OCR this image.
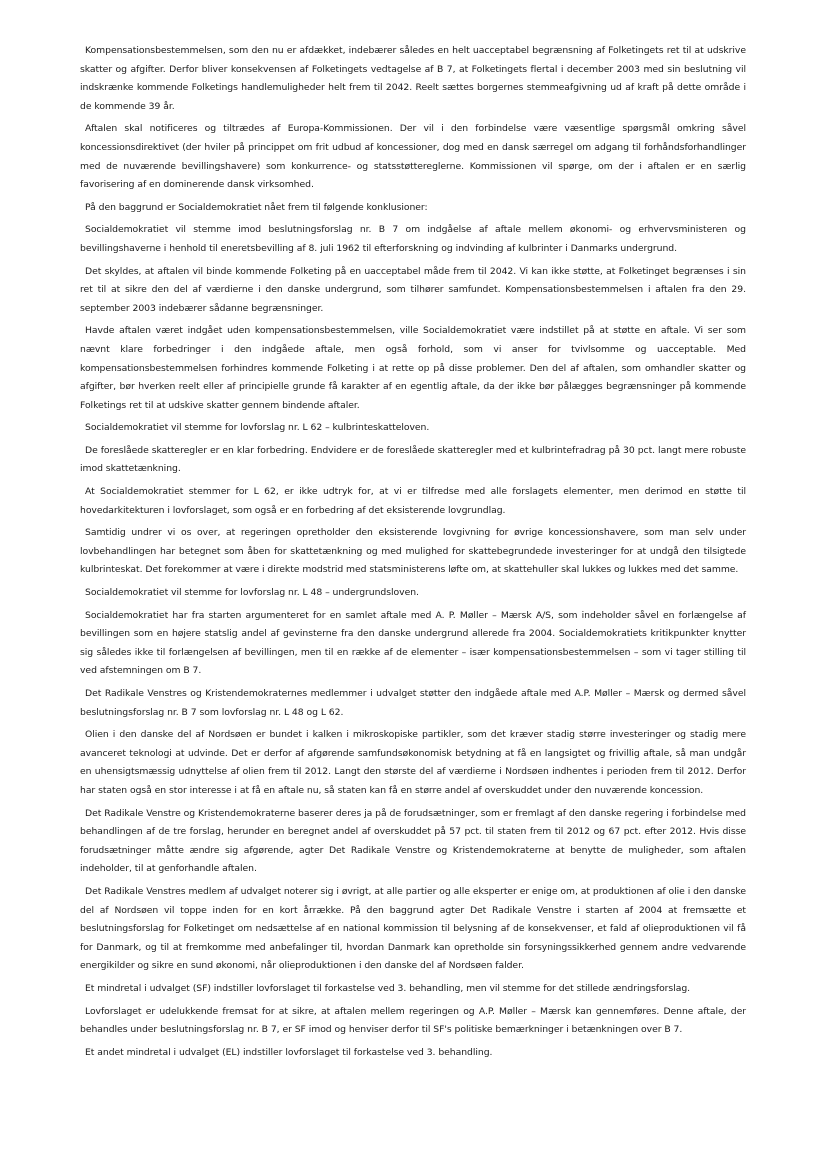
Kompensationsbestemmelsen, som den nu er afdækket, indebærer således en helt uacceptabel begrænsning af Folketingets ret til at udskrive skatter og afgifter. Derfor bliver konsekvensen af Folketingets vedtagelse af B 7, at Folketingets flertal i december 2003 med sin beslutning vil indskrænke kommende Folketings handlemuligheder helt frem til 2042. Reelt sættes borgernes stemmeafgivning ud af kraft på dette område i de kommende 39 år.

Aftalen skal notificeres og tiltrædes af Europa-Kommissionen. Der vil i den forbindelse være væsentlige spørgsmål omkring såvel koncessionsdirektivet (der hviler på princippet om frit udbud af koncessioner, dog med en dansk særregel om adgang til forhåndsforhandlinger med de nuværende bevillingshavere) som konkurrence- og statsstøttereglerne. Kommissionen vil spørge, om der i aftalen er en særlig favorisering af en dominerende dansk virksomhed.

På den baggrund er Socialdemokratiet nået frem til følgende konklusioner:

Socialdemokratiet vil stemme imod beslutningsforslag nr. B 7 om indgåelse af aftale mellem økonomi- og erhvervsministeren og bevillingshaverne i henhold til eneretsbevilling af 8. juli 1962 til efterforskning og indvinding af kulbrinter i Danmarks undergrund.

Det skyldes, at aftalen vil binde kommende Folketing på en uacceptabel måde frem til 2042. Vi kan ikke støtte, at Folketinget begrænses i sin ret til at sikre den del af værdierne i den danske undergrund, som tilhører samfundet. Kompensationsbestemmelsen i aftalen fra den 29. september 2003 indebærer sådanne begrænsninger.

Havde aftalen været indgået uden kompensationsbestemmelsen, ville Socialdemokratiet være indstillet på at støtte en aftale. Vi ser som nævnt klare forbedringer i den indgåede aftale, men også forhold, som vi anser for tvivlsomme og uacceptable. Med kompensationsbestemmelsen forhindres kommende Folketing i at rette op på disse problemer. Den del af aftalen, som omhandler skatter og afgifter, bør hverken reelt eller af principielle grunde få karakter af en egentlig aftale, da der ikke bør pålægges begrænsninger på kommende Folketings ret til at udskive skatter gennem bindende aftaler.

Socialdemokratiet vil stemme for lovforslag nr. L 62 – kulbrinteskatteloven.

De foreslåede skatteregler er en klar forbedring. Endvidere er de foreslåede skatteregler med et kulbrintefradrag på 30 pct. langt mere robuste imod skattetænkning.

At Socialdemokratiet stemmer for L 62, er ikke udtryk for, at vi er tilfredse med alle forslagets elementer, men derimod en støtte til hovedarkitekturen i lovforslaget, som også er en forbedring af det eksisterende lovgrundlag.

Samtidig undrer vi os over, at regeringen opretholder den eksisterende lovgivning for øvrige koncessionshavere, som man selv under lovbehandlingen har betegnet som åben for skattetænkning og med mulighed for skattebegrundede investeringer for at undgå den tilsigtede kulbrinteskat. Det forekommer at være i direkte modstrid med statsministerens løfte om, at skattehuller skal lukkes og lukkes med det samme.

Socialdemokratiet vil stemme for lovforslag nr. L 48 – undergrundsloven.

Socialdemokratiet har fra starten argumenteret for en samlet aftale med A. P. Møller – Mærsk A/S, som indeholder såvel en forlængelse af bevillingen som en højere statslig andel af gevinsterne fra den danske undergrund allerede fra 2004. Socialdemokratiets kritikpunkter knytter sig således ikke til forlængelsen af bevillingen, men til en række af de elementer – især kompensationsbestemmelsen – som vi tager stilling til ved afstemningen om B 7.

Det Radikale Venstres og Kristendemokraternes medlemmer i udvalget støtter den indgåede aftale med A.P. Møller – Mærsk og dermed såvel beslutningsforslag nr. B 7 som lovforslag nr. L 48 og L 62.

Olien i den danske del af Nordsøen er bundet i kalken i mikroskopiske partikler, som det kræver stadig større investeringer og stadig mere avanceret teknologi at udvinde. Det er derfor af afgørende samfundsøkonomisk betydning at få en langsigtet og frivillig aftale, så man undgår en uhensigtsmæssig udnyttelse af olien frem til 2012. Langt den største del af værdierne i Nordsøen indhentes i perioden frem til 2012. Derfor har staten også en stor interesse i at få en aftale nu, så staten kan få en større andel af overskuddet under den nuværende koncession.

Det Radikale Venstre og Kristendemokraterne baserer deres ja på de forudsætninger, som er fremlagt af den danske regering i forbindelse med behandlingen af de tre forslag, herunder en beregnet andel af overskuddet på 57 pct. til staten frem til 2012 og 67 pct. efter 2012. Hvis disse forudsætninger måtte ændre sig afgørende, agter Det Radikale Venstre og Kristendemokraterne at benytte de muligheder, som aftalen indeholder, til at genforhandle aftalen.

Det Radikale Venstres medlem af udvalget noterer sig i øvrigt, at alle partier og alle eksperter er enige om, at produktionen af olie i den danske del af Nordsøen vil toppe inden for en kort årrække. På den baggrund agter Det Radikale Venstre i starten af 2004 at fremsætte et beslutningsforslag for Folketinget om nedsættelse af en national kommission til belysning af de konsekvenser, et fald af olieproduktionen vil få for Danmark, og til at fremkomme med anbefalinger til, hvordan Danmark kan opretholde sin forsyningssikkerhed gennem andre vedvarende energikilder og sikre en sund økonomi, når olieproduktionen i den danske del af Nordsøen falder.

Et mindretal i udvalget (SF) indstiller lovforslaget til forkastelse ved 3. behandling, men vil stemme for det stillede ændringsforslag.

Lovforslaget er udelukkende fremsat for at sikre, at aftalen mellem regeringen og A.P. Møller – Mærsk kan gennemføres. Denne aftale, der behandles under beslutningsforslag nr. B 7, er SF imod og henviser derfor til SF's politiske bemærkninger i betænkningen over B 7.

Et andet mindretal i udvalget (EL) indstiller lovforslaget til forkastelse ved 3. behandling.
